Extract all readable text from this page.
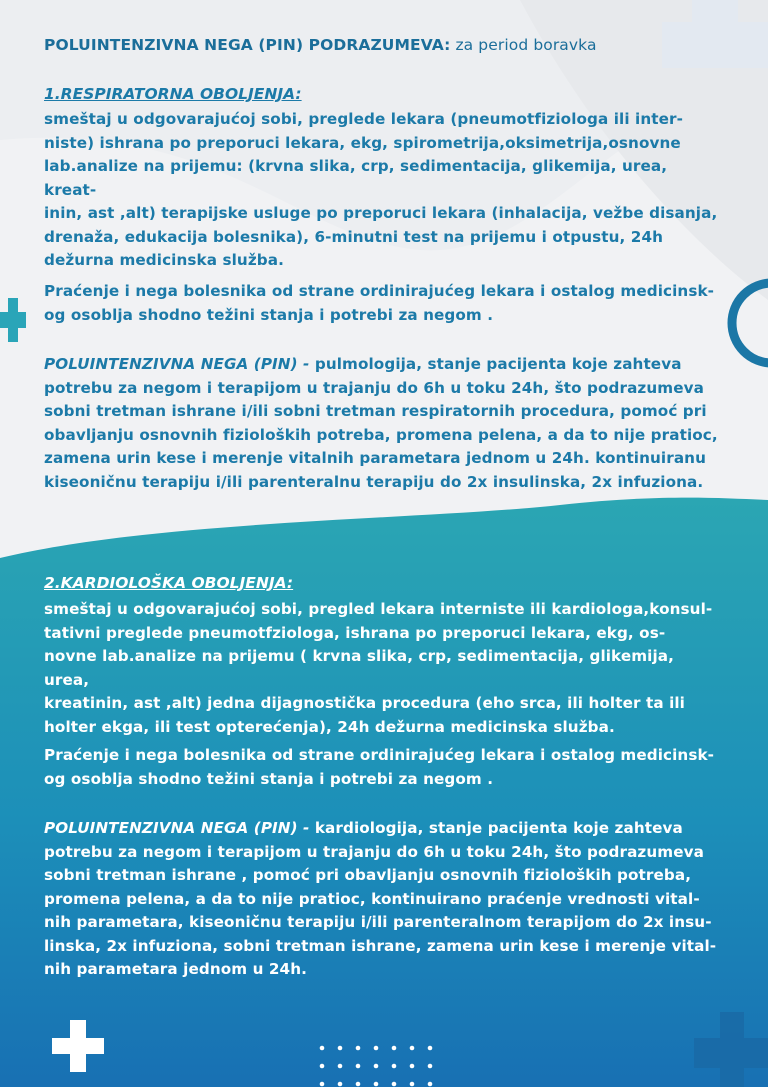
POLUINTENZIVNA NEGA (PIN) PODRAZUMEVA: za period boravka

1.RESPIRATORNA OBOLJENJA:

smeštaj u odgovarajućoj sobi, preglede lekara (pneumotfiziologa ili inter-
niste) ishrana po preporuci lekara, ekg, spirometrija,oksimetrija,osnovne
lab.analize na prijemu: (krvna slika, crp, sedimentacija, glikemija, urea, kreat-
inin, ast ,alt) terapijske usluge po preporuci lekara (inhalacija, vežbe disanja,
drenaža, edukacija bolesnika), 6-minutni test na prijemu i otpustu, 24h
dežurna medicinska služba.
Praćenje i nega bolesnika od strane ordinirajućeg lekara i ostalog medicinsk-
og osoblja shodno težini stanja i potrebi za negom .
POLUINTENZIVNA NEGA (PIN) - pulmologija, stanje pacijenta koje zahteva
potrebu za negom i terapijom u trajanju do 6h u toku 24h, što podrazumeva
sobni tretman ishrane i/ili sobni tretman respiratornih procedura, pomoć pri
obavljanju osnovnih fizioloških potreba, promena pelena, a da to nije pratioc,
zamena urin kese i merenje vitalnih parametara jednom u 24h. kontinuiranu
kiseoničnu terapiju i/ili parenteralnu terapiju do 2x insulinska, 2x infuziona.

2.KARDIOLOŠKA OBOLJENJA:

smeštaj u odgovarajućoj sobi, pregled lekara interniste ili kardiologa,konsul-
tativni preglede pneumotfziologa, ishrana po preporuci lekara, ekg, os-
novne lab.analize na prijemu ( krvna slika, crp, sedimentacija, glikemija, urea,
kreatinin, ast ,alt) jedna dijagnostička procedura (eho srca, ili holter ta ili
holter ekga, ili test opterećenja), 24h dežurna medicinska služba.
Praćenje i nega bolesnika od strane ordinirajućeg lekara i ostalog medicinsk-
og osoblja shodno težini stanja i potrebi za negom .
POLUINTENZIVNA NEGA (PIN) - kardiologija, stanje pacijenta koje zahteva
potrebu za negom i terapijom u trajanju do 6h u toku 24h, što podrazumeva
sobni tretman ishrane , pomoć pri obavljanju osnovnih fizioloških potreba,
promena pelena, a da to nije pratioc, kontinuirano praćenje vrednosti vital-
nih parametara, kiseoničnu terapiju i/ili parenteralnom terapijom do 2x insu-
linska, 2x infuziona, sobni tretman ishrane, zamena urin kese i merenje vital-
nih parametara jednom u 24h.
